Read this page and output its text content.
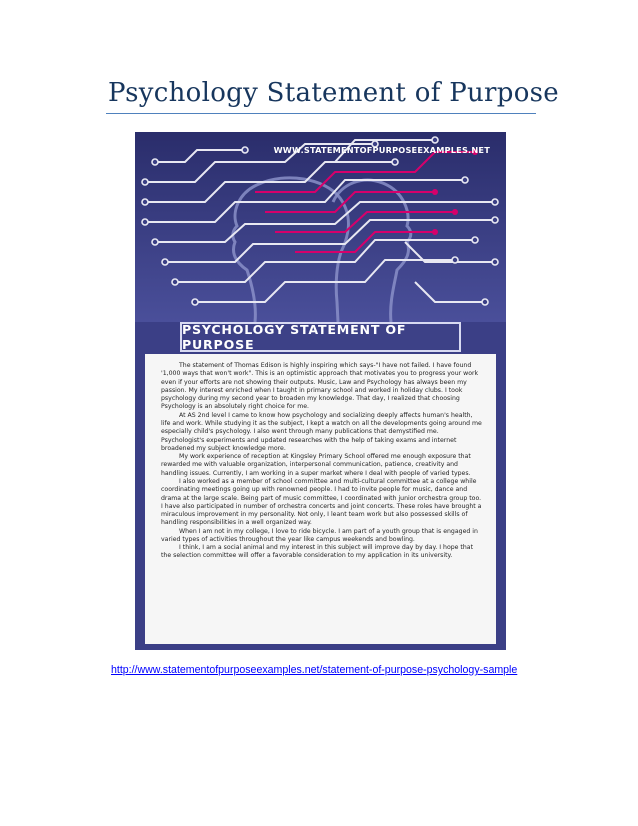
Psychology Statement of Purpose
WWW.STATEMENTOFPURPOSEEXAMPLES.NET
PSYCHOLOGY STATEMENT OF PURPOSE

The statement of Thomas Edison is highly inspiring which says-"I have not failed. I have found '1,000 ways that won't work". This is an optimistic approach that motivates you to progress your work even if your efforts are not showing their outputs. Music, Law and Psychology has always been my passion. My interest enriched when I taught in primary school and worked in holiday clubs. I took psychology during my second year to broaden my knowledge. That day, I realized that choosing Psychology is an absolutely right choice for me.

At AS 2nd level I came to know how psychology and socializing deeply affects human's health, life and work. While studying it as the subject, I kept a watch on all the developments going around me especially child's psychology. I also went through many publications that demystified me. Psychologist's experiments and updated researches with the help of taking exams and internet broadened my subject knowledge more.

My work experience of reception at Kingsley Primary School offered me enough exposure that rewarded me with valuable organization, interpersonal communication, patience, creativity and handling issues. Currently, I am working in a super market where I deal with people of varied types.

I also worked as a member of school committee and multi-cultural committee at a college while coordinating meetings going up with renowned people. I had to invite people for music, dance and drama at the large scale. Being part of music committee, I coordinated with junior orchestra group too. I have also participated in number of orchestra concerts and joint concerts. These roles have brought a miraculous improvement in my personality. Not only, I leant team work but also possessed skills of handling responsibilities in a well organized way.

When I am not in my college, I love to ride bicycle. I am part of a youth group that is engaged in varied types of activities throughout the year like campus weekends and bowling.

I think, I am a social animal and my interest in this subject will improve day by day. I hope that the selection committee will offer a favorable consideration to my application in its university.

http://www.statementofpurposeexamples.net/statement-of-purpose-psychology-sample
